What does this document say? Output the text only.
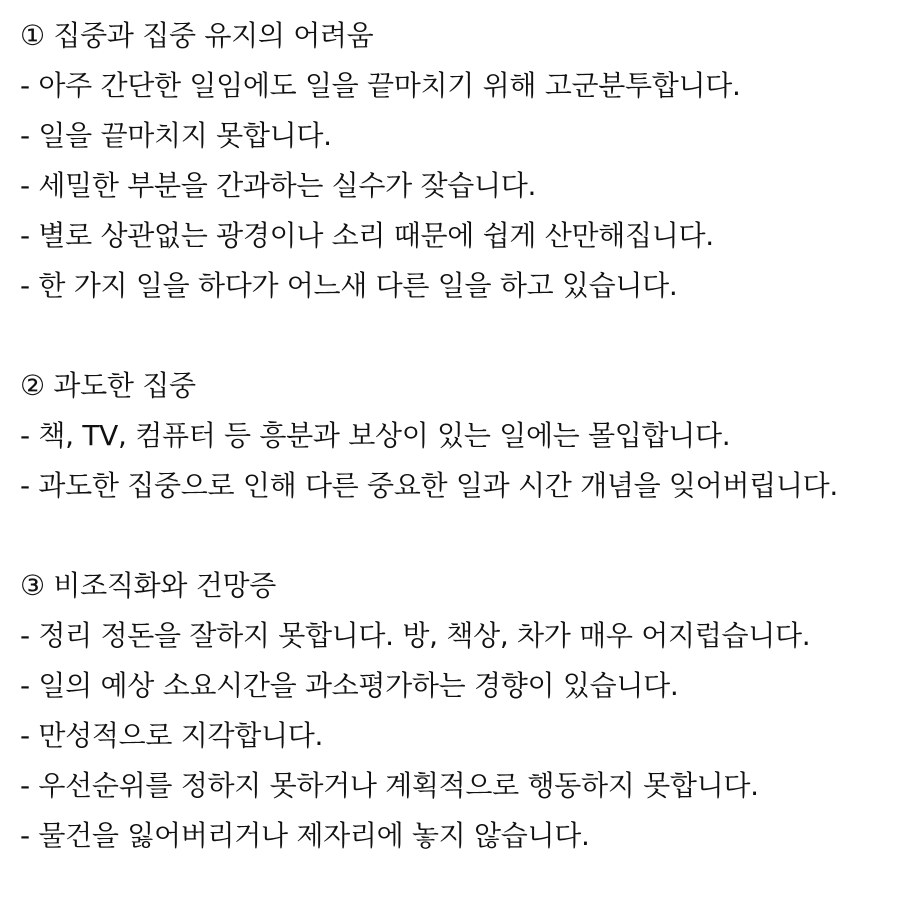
① 집중과 집중 유지의 어려움
- 아주 간단한 일임에도 일을 끝마치기 위해 고군분투합니다.
- 일을 끝마치지 못합니다.
- 세밀한 부분을 간과하는 실수가 잦습니다.
- 별로 상관없는 광경이나 소리 때문에 쉽게 산만해집니다.
- 한 가지 일을 하다가 어느새 다른 일을 하고 있습니다.
② 과도한 집중
- 책, TV, 컴퓨터 등 흥분과 보상이 있는 일에는 몰입합니다.
- 과도한 집중으로 인해 다른 중요한 일과 시간 개념을 잊어버립니다.
③ 비조직화와 건망증
- 정리 정돈을 잘하지 못합니다. 방, 책상, 차가 매우 어지럽습니다.
- 일의 예상 소요시간을 과소평가하는 경향이 있습니다.
- 만성적으로 지각합니다.
- 우선순위를 정하지 못하거나 계획적으로 행동하지 못합니다.
- 물건을 잃어버리거나 제자리에 놓지 않습니다.
